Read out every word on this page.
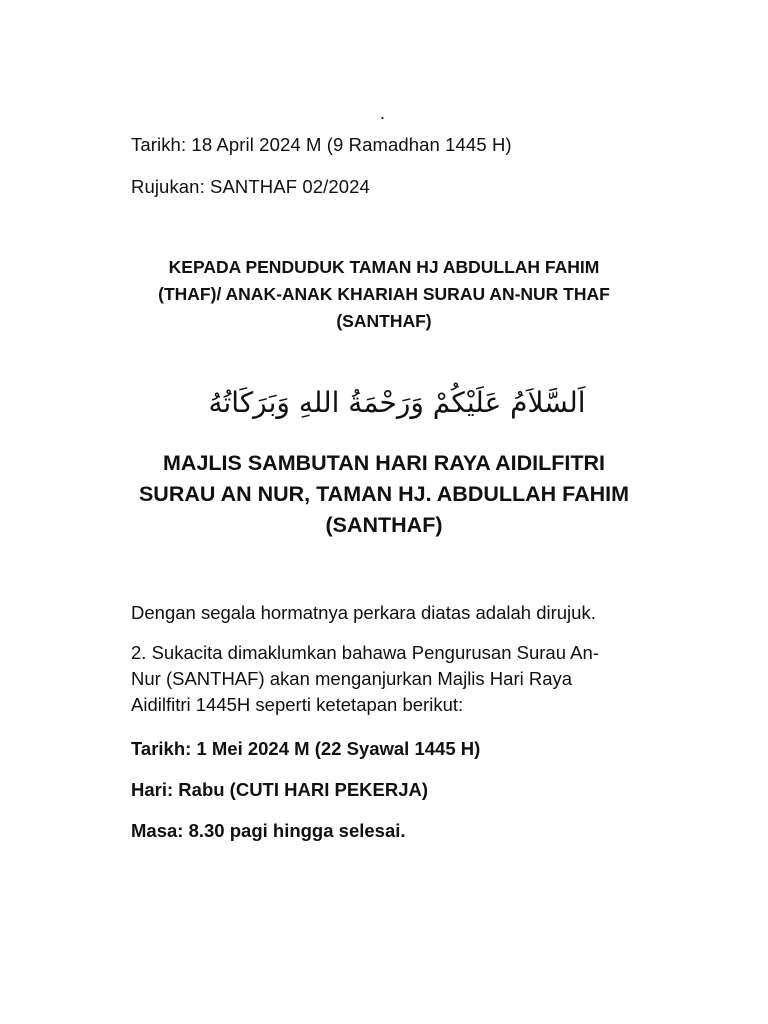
.
Tarikh: 18 April 2024 M (9 Ramadhan 1445 H)
Rujukan: SANTHAF 02/2024
KEPADA PENDUDUK TAMAN HJ ABDULLAH FAHIM
(THAF)/ ANAK-ANAK KHARIAH SURAU AN-NUR THAF
(SANTHAF)
اَلسَّلاَمُ عَلَيْكُمْ وَرَحْمَةُ اللهِ وَبَرَكَاتُهُ
MAJLIS SAMBUTAN HARI RAYA AIDILFITRI
SURAU AN NUR, TAMAN HJ. ABDULLAH FAHIM
(SANTHAF)
Dengan segala hormatnya perkara diatas adalah dirujuk.
2. Sukacita dimaklumkan bahawa Pengurusan Surau An-
Nur (SANTHAF) akan menganjurkan Majlis Hari Raya
Aidilfitri 1445H seperti ketetapan berikut:
Tarikh: 1 Mei 2024 M (22 Syawal 1445 H)
Hari: Rabu (CUTI HARI PEKERJA)
Masa: 8.30 pagi hingga selesai.
